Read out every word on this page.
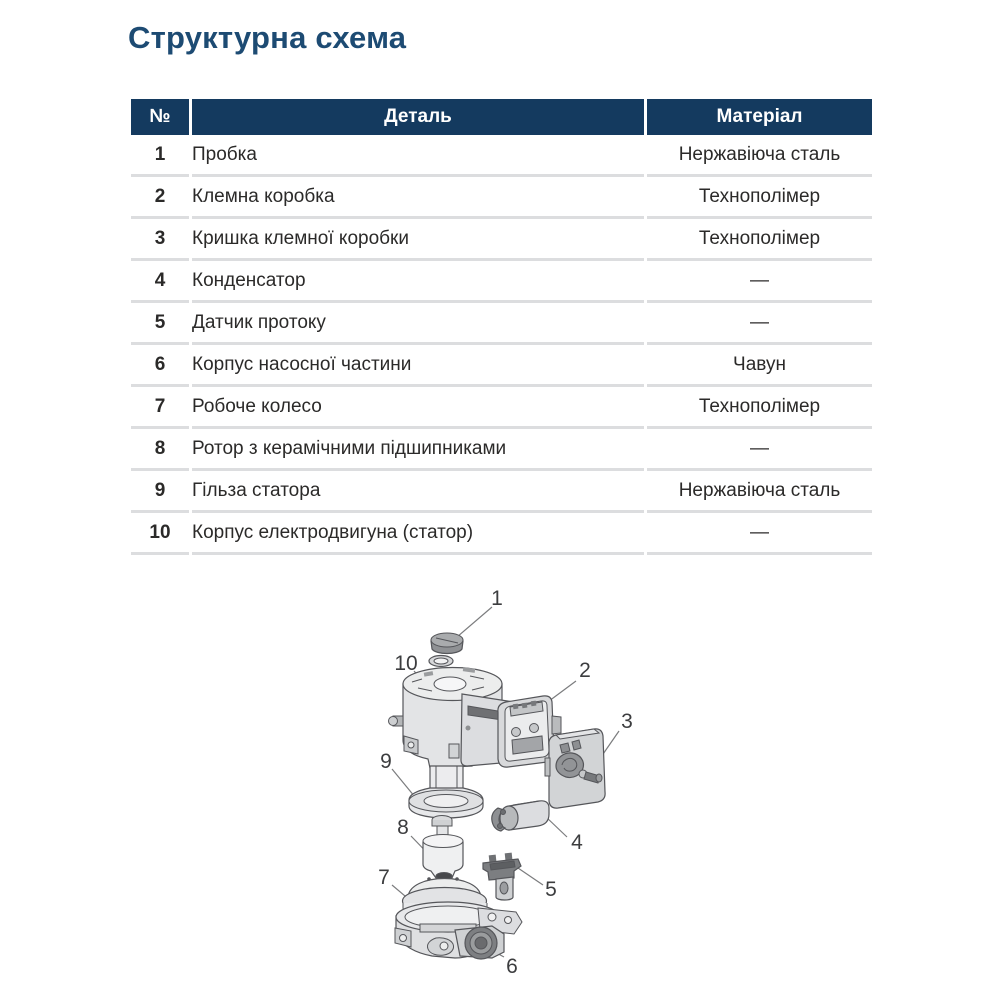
Структурна схема
№	Деталь	Матеріал
1	Пробка	Нержавіюча сталь
2	Клемна коробка	Технополімер
3	Кришка клемної коробки	Технополімер
4	Конденсатор	—
5	Датчик протоку	—
6	Корпус насосної частини	Чавун
7	Робоче колесо	Технополімер
8	Ротор з керамічними підшипниками	—
9	Гільза статора	Нержавіюча сталь
10	Корпус електродвигуна (статор)	—
1
2
3
4
5
6
7
8
9
10
